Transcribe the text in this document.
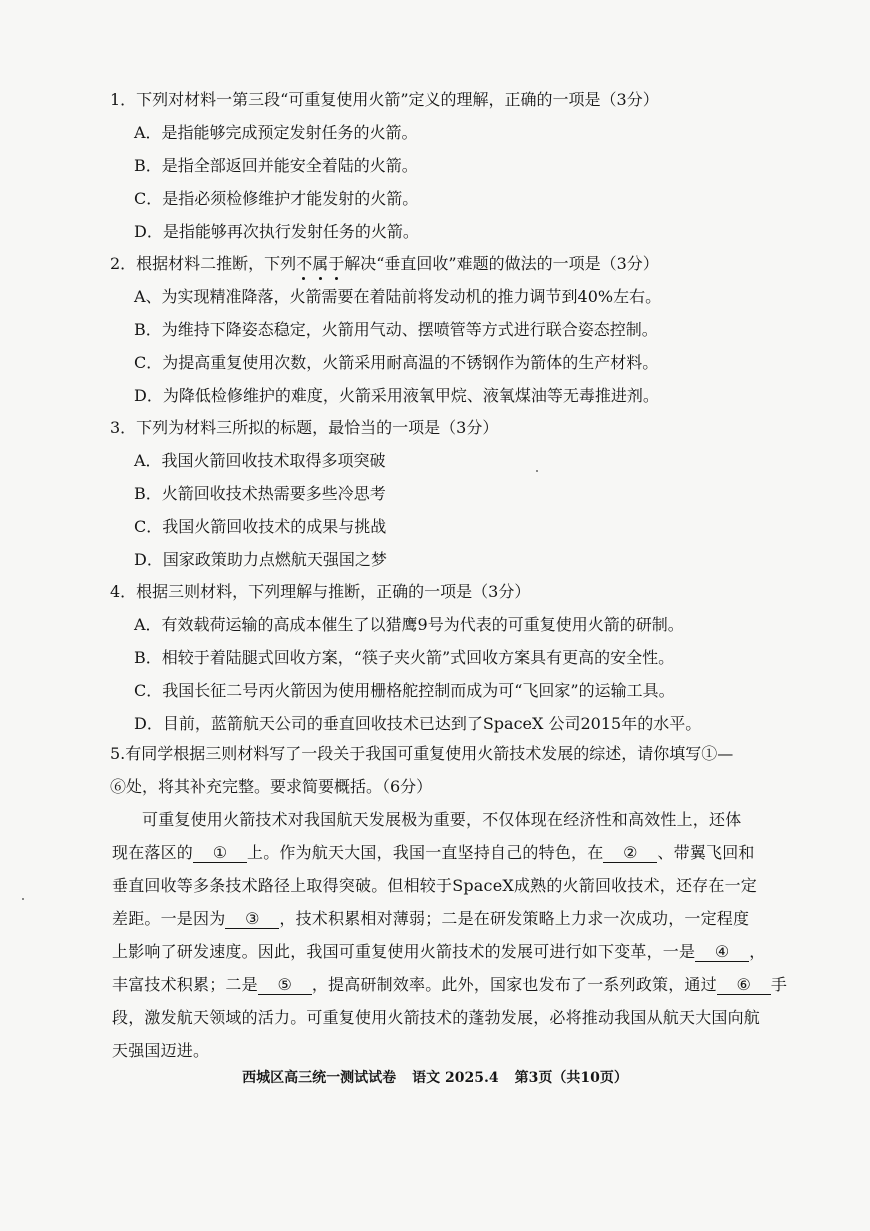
1．下列对材料一第三段“可重复使用火箭”定义的理解，正确的一项是（3分）
A．是指能够完成预定发射任务的火箭。
B．是指全部返回并能安全着陆的火箭。
C．是指必须检修维护才能发射的火箭。
D．是指能够再次执行发射任务的火箭。
2．根据材料二推断，下列不属于
解决“垂直回收”难题的做法的一项是（3分）
A、为实现精准降落，火箭需要在着陆前将发动机的推力调节到40%左右。
B．为维持下降姿态稳定，火箭用气动、摆喷管等方式进行联合姿态控制。
C．为提高重复使用次数，火箭采用耐高温的不锈钢作为箭体的生产材料。
D．为降低检修维护的难度，火箭采用液氧甲烷、液氧煤油等无毒推进剂。
3．下列为材料三所拟的标题，最恰当的一项是（3分）
A．我国火箭回收技术取得多项突破
B．火箭回收技术热需要多些冷思考
C．我国火箭回收技术的成果与挑战
D．国家政策助力点燃航天强国之梦
4．根据三则材料，下列理解与推断，正确的一项是（3分）
A．有效载荷运输的高成本催生了以猎鹰9号为代表的可重复使用火箭的研制。
B．相较于着陆腿式回收方案，“筷子夹火箭”式回收方案具有更高的安全性。
C．我国长征二号丙火箭因为使用栅格舵控制而成为可“飞回家”的运输工具。
D．目前，蓝箭航天公司的垂直回收技术已达到了SpaceX 公司2015年的水平。
5.有同学根据三则材料写了一段关于我国可重复使用火箭技术发展的综述，请你填写①—
⑥处，将其补充完整。要求简要概括。（6分）
可重复使用火箭技术对我国航天发展极为重要，不仅体现在经济性和高效性上，还体
现在落区的 ① 上。作为航天大国，我国一直坚持自己的特色，在 ② 、带翼飞回和
垂直回收等多条技术路径上取得突破。但相较于SpaceX成熟的火箭回收技术，还存在一定
差距。一是因为 ③ ，技术积累相对薄弱；二是在研发策略上力求一次成功，一定程度
上影响了研发速度。因此，我国可重复使用火箭技术的发展可进行如下变革，一是 ④ ，
丰富技术积累；二是 ⑤ ，提高研制效率。此外，国家也发布了一系列政策，通过 ⑥ 手
段，激发航天领域的活力。可重复使用火箭技术的蓬勃发展，必将推动我国从航天大国向航
天强国迈进。
西城区高三统一测试试卷 语文 2025.4 第3页（共10页）
